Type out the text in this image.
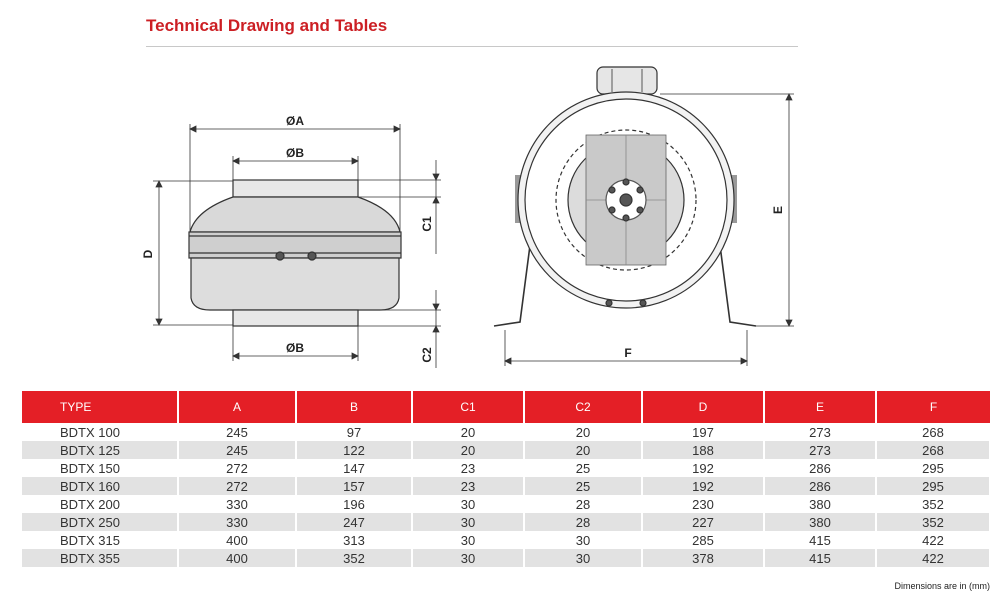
Technical Drawing and Tables
ØA
ØB
ØB
D
C1
C2
E
F
TYPE	A	B	C1	C2	D	E	F
BDTX 100	245	97	20	20	197	273	268
BDTX 125	245	122	20	20	188	273	268
BDTX 150	272	147	23	25	192	286	295
BDTX 160	272	157	23	25	192	286	295
BDTX 200	330	196	30	28	230	380	352
BDTX 250	330	247	30	28	227	380	352
BDTX 315	400	313	30	30	285	415	422
BDTX 355	400	352	30	30	378	415	422
Dimensions are in (mm)
